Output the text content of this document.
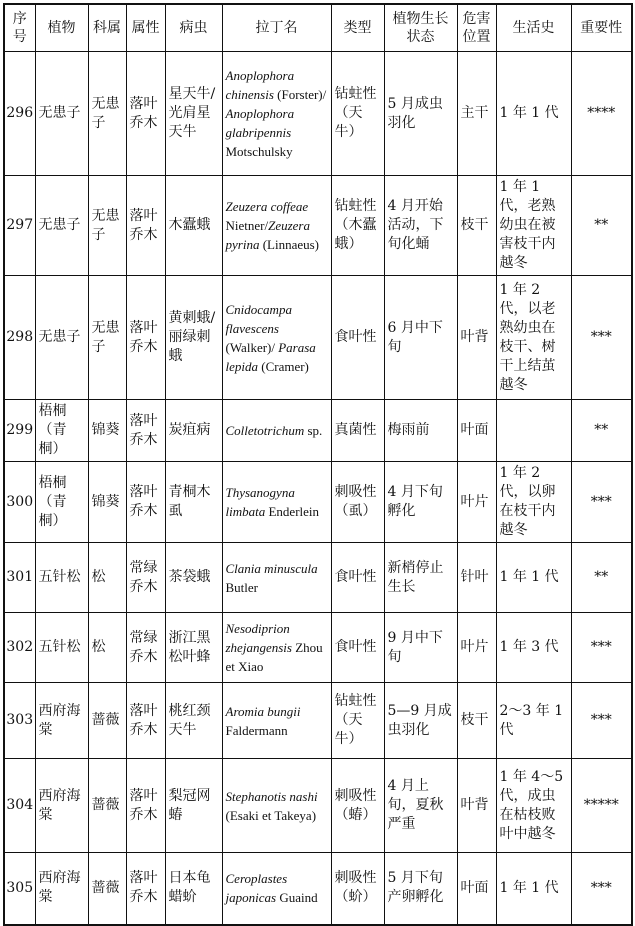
序号	植物	科属	属性	病虫	拉丁名	类型	植物生长状态	危害位置	生活史	重要性
296	无患子	无患子	落叶乔木	星天牛/光肩星天牛	Anoplophora chinensis (Forster)/ Anoplophora glabripennis Motschulsky	钻蛀性（天牛）	5 月成虫羽化	主干	1 年 1 代	****
297	无患子	无患子	落叶乔木	木蠹蛾	Zeuzera coffeae Nietner/Zeuzera pyrina (Linnaeus)	钻蛀性（木蠹蛾）	4 月开始活动，下旬化蛹	枝干	1 年 1 代，老熟幼虫在被害枝干内越冬	**
298	无患子	无患子	落叶乔木	黄刺蛾/丽绿刺蛾	Cnidocampa flavescens (Walker)/ Parasa lepida (Cramer)	食叶性	6 月中下旬	叶背	1 年 2 代，以老熟幼虫在枝干、树干上结茧越冬	***
299	梧桐（青桐）	锦葵	落叶乔木	炭疽病	Colletotrichum sp.	真菌性	梅雨前	叶面		**
300	梧桐（青桐）	锦葵	落叶乔木	青桐木虱	Thysanogyna limbata Enderlein	刺吸性（虱）	4 月下旬孵化	叶片	1 年 2 代，以卵在枝干内越冬	***
301	五针松	松	常绿乔木	茶袋蛾	Clania minuscula Butler	食叶性	新梢停止生长	针叶	1 年 1 代	**
302	五针松	松	常绿乔木	浙江黑松叶蜂	Nesodiprion zhejangensis Zhou et Xiao	食叶性	9 月中下旬	叶片	1 年 3 代	***
303	西府海棠	蔷薇	落叶乔木	桃红颈天牛	Aromia bungii Faldermann	钻蛀性（天牛）	5—9 月成虫羽化	枝干	2～3 年 1 代	***
304	西府海棠	蔷薇	落叶乔木	梨冠网蝽	Stephanotis nashi (Esaki et Takeya)	刺吸性（蝽）	4 月上旬，夏秋严重	叶背	1 年 4～5 代，成虫在枯枝败叶中越冬	*****
305	西府海棠	蔷薇	落叶乔木	日本龟蜡蚧	Ceroplastes japonicas Guaind	刺吸性（蚧）	5 月下旬产卵孵化	叶面	1 年 1 代	***
